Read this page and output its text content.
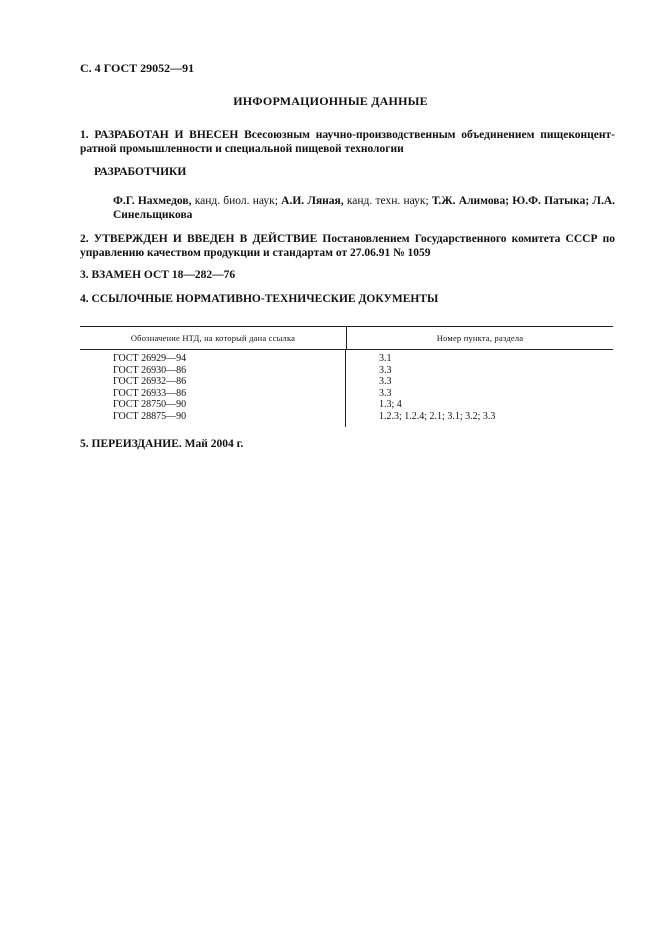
С. 4 ГОСТ 29052—91
ИНФОРМАЦИОННЫЕ ДАННЫЕ
1. РАЗРАБОТАН И ВНЕСЕН Всесоюзным научно-производственным объединением пищеконцент-ратной промышленности и специальной пищевой технологии
РАЗРАБОТЧИКИ
Ф.Г. Нахмедов, канд. биол. наук; А.И. Ляная, канд. техн. наук; Т.Ж. Алимова; Ю.Ф. Патыка; Л.А. Синельщикова
2. УТВЕРЖДЕН И ВВЕДЕН В ДЕЙСТВИЕ Постановлением Государственного комитета СССР по управлению качеством продукции и стандартам от 27.06.91 № 1059
3. ВЗАМЕН ОСТ 18—282—76
4. ССЫЛОЧНЫЕ НОРМАТИВНО-ТЕХНИЧЕСКИЕ ДОКУМЕНТЫ
Обозначение НТД, на который дана ссылка	Номер пункта, раздела
ГОСТ 26929—94
ГОСТ 26930—86
ГОСТ 26932—86
ГОСТ 26933—86
ГОСТ 28750—90
ГОСТ 28875—90
3.1
3.3
3.3
3.3
1.3; 4
1.2.3; 1.2.4; 2.1; 3.1; 3.2; 3.3
5. ПЕРЕИЗДАНИЕ. Май 2004 г.
